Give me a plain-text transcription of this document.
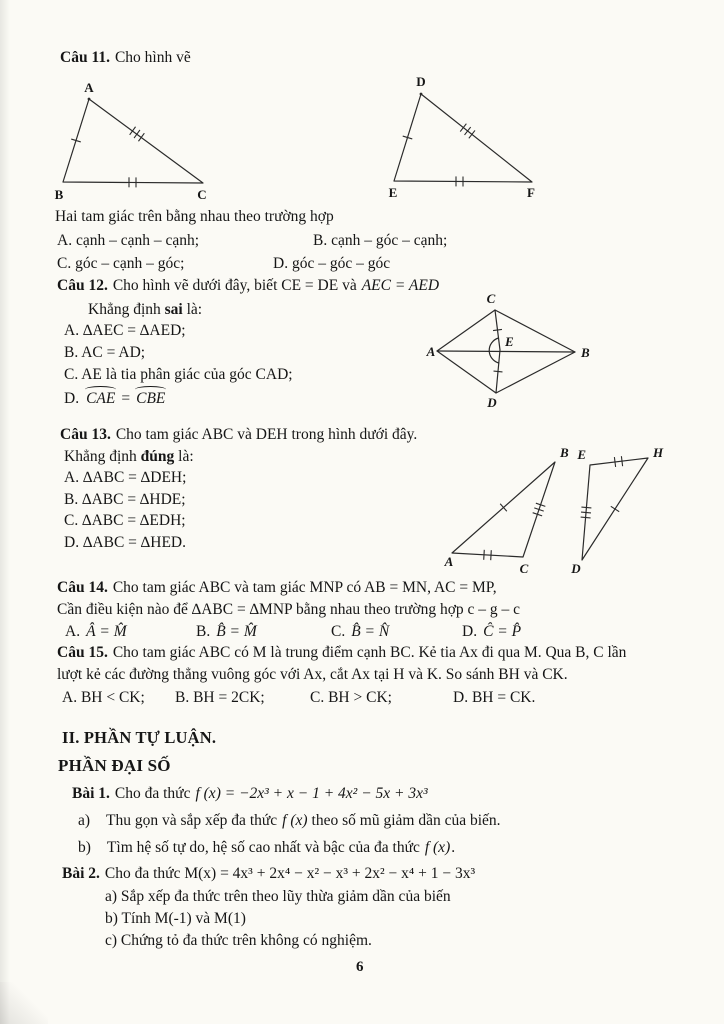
Câu 11. Cho hình vẽ
A
B	C
D
E	F
Hai tam giác trên bằng nhau theo trường hợp
A. cạnh – cạnh – cạnh;	B. cạnh – góc – cạnh;
C. góc – cạnh – góc;	D. góc – góc – góc
Câu 12. Cho hình vẽ dưới đây, biết CE = DE và AEC = AED
Khẳng định sai là:
A. ∆AEC = ∆AED;
B. AC = AD;
C. AE là tia phân giác của góc CAD;
D. CAE = CBE
A	B
C
D
E
Câu 13. Cho tam giác ABC và DEH trong hình dưới đây.
Khẳng định đúng là:
A. ∆ABC = ∆DEH;
B. ∆ABC = ∆HDE;
C. ∆ABC = ∆EDH;
D. ∆ABC = ∆HED.
B
A	C
E	H
D
Câu 14. Cho tam giác ABC và tam giác MNP có AB = MN, AC = MP,
Cần điều kiện nào để ∆ABC = ∆MNP bằng nhau theo trường hợp c – g – c
A. Â = M̂	B. B̂ = M̂	C. B̂ = N̂	D. Ĉ = P̂
Câu 15. Cho tam giác ABC có M là trung điểm cạnh BC. Kẻ tia Ax đi qua M. Qua B, C lần
lượt kẻ các đường thẳng vuông góc với Ax, cắt Ax tại H và K. So sánh BH và CK.
A. BH < CK; B. BH = 2CK;	C. BH > CK;	D. BH = CK.
II. PHẦN TỰ LUẬN.
PHẦN ĐẠI SỐ
Bài 1. Cho đa thức f (x) = −2x³ + x − 1 + 4x² − 5x + 3x³
a) Thu gọn và sắp xếp đa thức f (x) theo số mũ giảm dần của biến.
b) Tìm hệ số tự do, hệ số cao nhất và bậc của đa thức f (x).
Bài 2. Cho đa thức M(x) = 4x³ + 2x⁴ − x² − x³ + 2x² − x⁴ + 1 − 3x³
a) Sắp xếp đa thức trên theo lũy thừa giảm dần của biến
b) Tính M(-1) và M(1)
c) Chứng tỏ đa thức trên không có nghiệm.
6
